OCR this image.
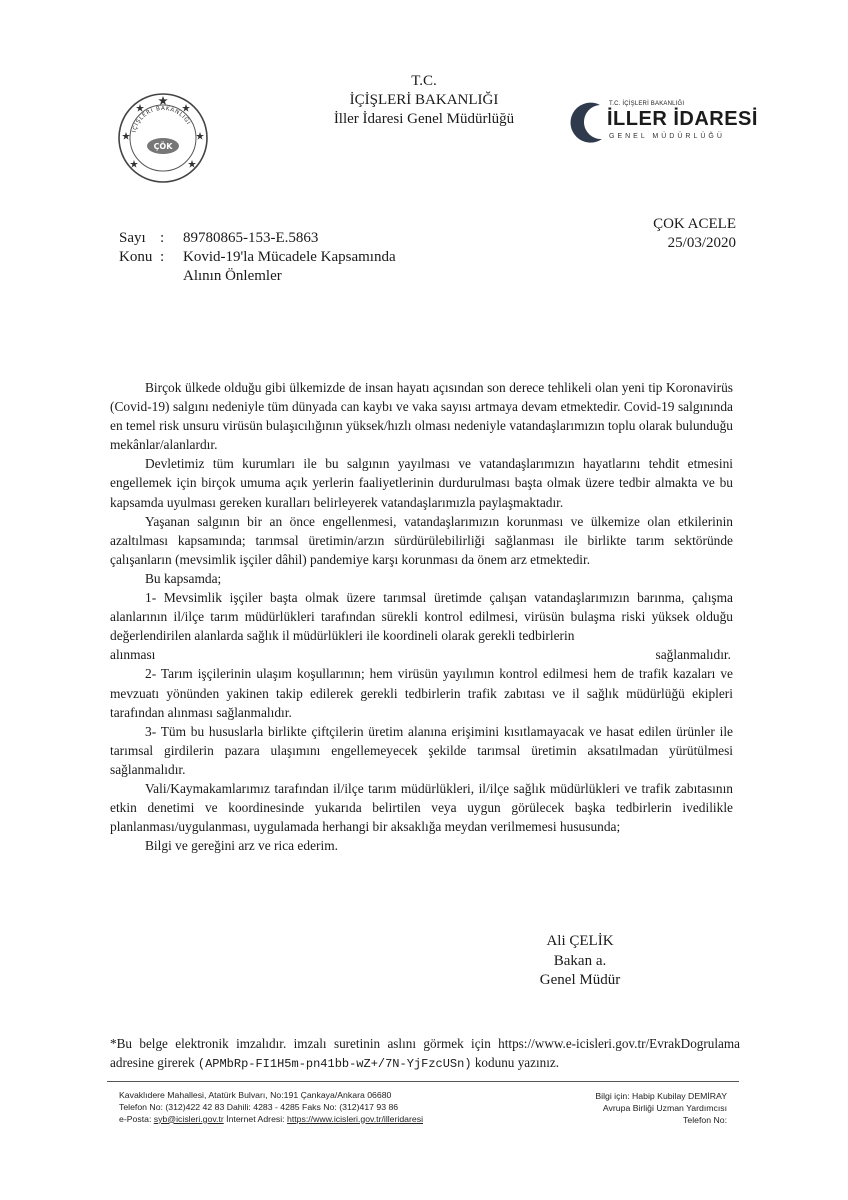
İÇİŞLERİ BAKANLIĞI
ÇÖK
T.C. İÇİŞLERİ BAKANLIĞI
İLLER İDARESİ
GENEL MÜDÜRLÜĞÜ
T.C.
İÇİŞLERİ BAKANLIĞI
İller İdaresi Genel Müdürlüğü
ÇOK ACELE
25/03/2020
Sayı : 89780865-153-E.5863
Konu : Kovid-19'la Mücadele Kapsamında
Alının Önlemler

Birçok ülkede olduğu gibi ülkemizde de insan hayatı açısından son derece tehlikeli olan yeni tip Koronavirüs (Covid-19) salgını nedeniyle tüm dünyada can kaybı ve vaka sayısı artmaya devam etmektedir. Covid-19 salgınında en temel risk unsuru virüsün bulaşıcılığının yüksek/hızlı olması nedeniyle vatandaşlarımızın toplu olarak bulunduğu mekânlar/alanlardır.

Devletimiz tüm kurumları ile bu salgının yayılması ve vatandaşlarımızın hayatlarını tehdit etmesini engellemek için birçok umuma açık yerlerin faaliyetlerinin durdurulması başta olmak üzere tedbir almakta ve bu kapsamda uyulması gereken kuralları belirleyerek vatandaşlarımızla paylaşmaktadır.

Yaşanan salgının bir an önce engellenmesi, vatandaşlarımızın korunması ve ülkemize olan etkilerinin azaltılması kapsamında; tarımsal üretimin/arzın sürdürülebilirliği sağlanması ile birlikte tarım sektöründe çalışanların (mevsimlik işçiler dâhil) pandemiye karşı korunması da önem arz etmektedir.

Bu kapsamda;

1- Mevsimlik işçiler başta olmak üzere tarımsal üretimde çalışan vatandaşlarımızın barınma, çalışma alanlarının il/ilçe tarım müdürlükleri tarafından sürekli kontrol edilmesi, virüsün bulaşma riski yüksek olduğu değerlendirilen alanlarda sağlık il müdürlükleri ile koordineli olarak gerekli tedbirlerin

alınması	sağlanmalıdır.

2- Tarım işçilerinin ulaşım koşullarının; hem virüsün yayılımın kontrol edilmesi hem de trafik kazaları ve mevzuatı yönünden yakinen takip edilerek gerekli tedbirlerin trafik zabıtası ve il sağlık müdürlüğü ekipleri tarafından alınması sağlanmalıdır.

3- Tüm bu hususlarla birlikte çiftçilerin üretim alanına erişimini kısıtlamayacak ve hasat edilen ürünler ile tarımsal girdilerin pazara ulaşımını engellemeyecek şekilde tarımsal üretimin aksatılmadan yürütülmesi sağlanmalıdır.

Vali/Kaymakamlarımız tarafından il/ilçe tarım müdürlükleri, il/ilçe sağlık müdürlükleri ve trafik zabıtasının etkin denetimi ve koordinesinde yukarıda belirtilen veya uygun görülecek başka tedbirlerin ivedilikle planlanması/uygulanması, uygulamada herhangi bir aksaklığa meydan verilmemesi hususunda;

Bilgi ve gereğini arz ve rica ederim.

Ali ÇELİK
Bakan a.
Genel Müdür
*Bu belge elektronik imzalıdır. imzalı suretinin aslını görmek için https://www.e-icisleri.gov.tr/EvrakDogrulama adresine girerek (APMbRp-FI1H5m-pn41bb-wZ+/7N-YjFzcUSn) kodunu yazınız.
Kavaklıdere Mahallesi, Atatürk Bulvarı, No:191 Çankaya/Ankara 06680
Telefon No: (312)422 42 83 Dahili: 4283 - 4285 Faks No: (312)417 93 86
e-Posta: syb@icisleri.gov.tr İnternet Adresi: https://www.icisleri.gov.tr/illeridaresi
Bilgi için: Habip Kubilay DEMİRAY
Avrupa Birliği Uzman Yardımcısı
Telefon No:
